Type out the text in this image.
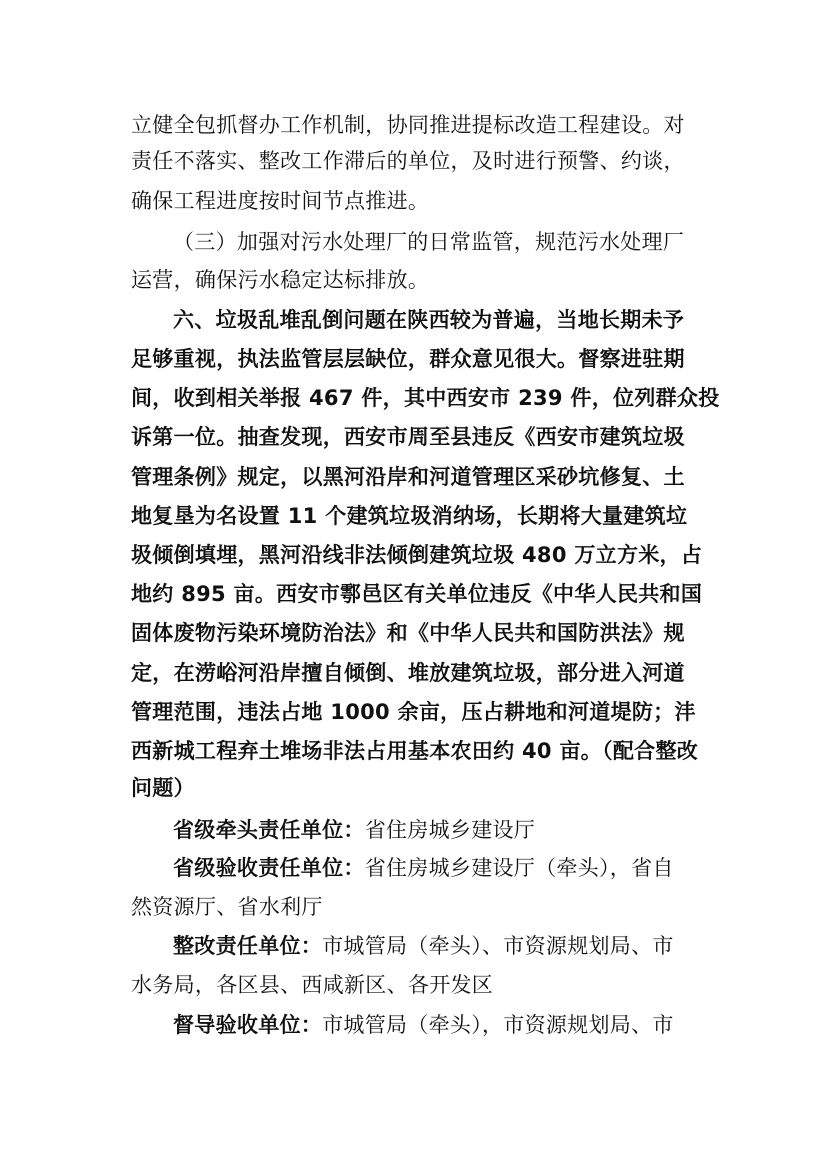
立健全包抓督办工作机制，协同推进提标改造工程建设。对
责任不落实、整改工作滞后的单位，及时进行预警、约谈，
确保工程进度按时间节点推进。
（三）加强对污水处理厂的日常监管，规范污水处理厂
运营，确保污水稳定达标排放。
六、垃圾乱堆乱倒问题在陕西较为普遍，当地长期未予
足够重视，执法监管层层缺位，群众意见很大。督察进驻期
间，收到相关举报 467 件，其中西安市 239 件，位列群众投
诉第一位。抽查发现，西安市周至县违反《西安市建筑垃圾
管理条例》规定，以黑河沿岸和河道管理区采砂坑修复、土
地复垦为名设置 11 个建筑垃圾消纳场，长期将大量建筑垃
圾倾倒填埋，黑河沿线非法倾倒建筑垃圾 480 万立方米，占
地约 895 亩。西安市鄠邑区有关单位违反《中华人民共和国
固体废物污染环境防治法》和《中华人民共和国防洪法》规
定，在涝峪河沿岸擅自倾倒、堆放建筑垃圾，部分进入河道
管理范围，违法占地 1000 余亩，压占耕地和河道堤防；沣
西新城工程弃土堆场非法占用基本农田约 40 亩。（配合整改
问题）
省级牵头责任单位：省住房城乡建设厅
省级验收责任单位：省住房城乡建设厅（牵头），省自
然资源厅、省水利厅
整改责任单位：市城管局（牵头）、市资源规划局、市
水务局，各区县、西咸新区、各开发区
督导验收单位：市城管局（牵头），市资源规划局、市
